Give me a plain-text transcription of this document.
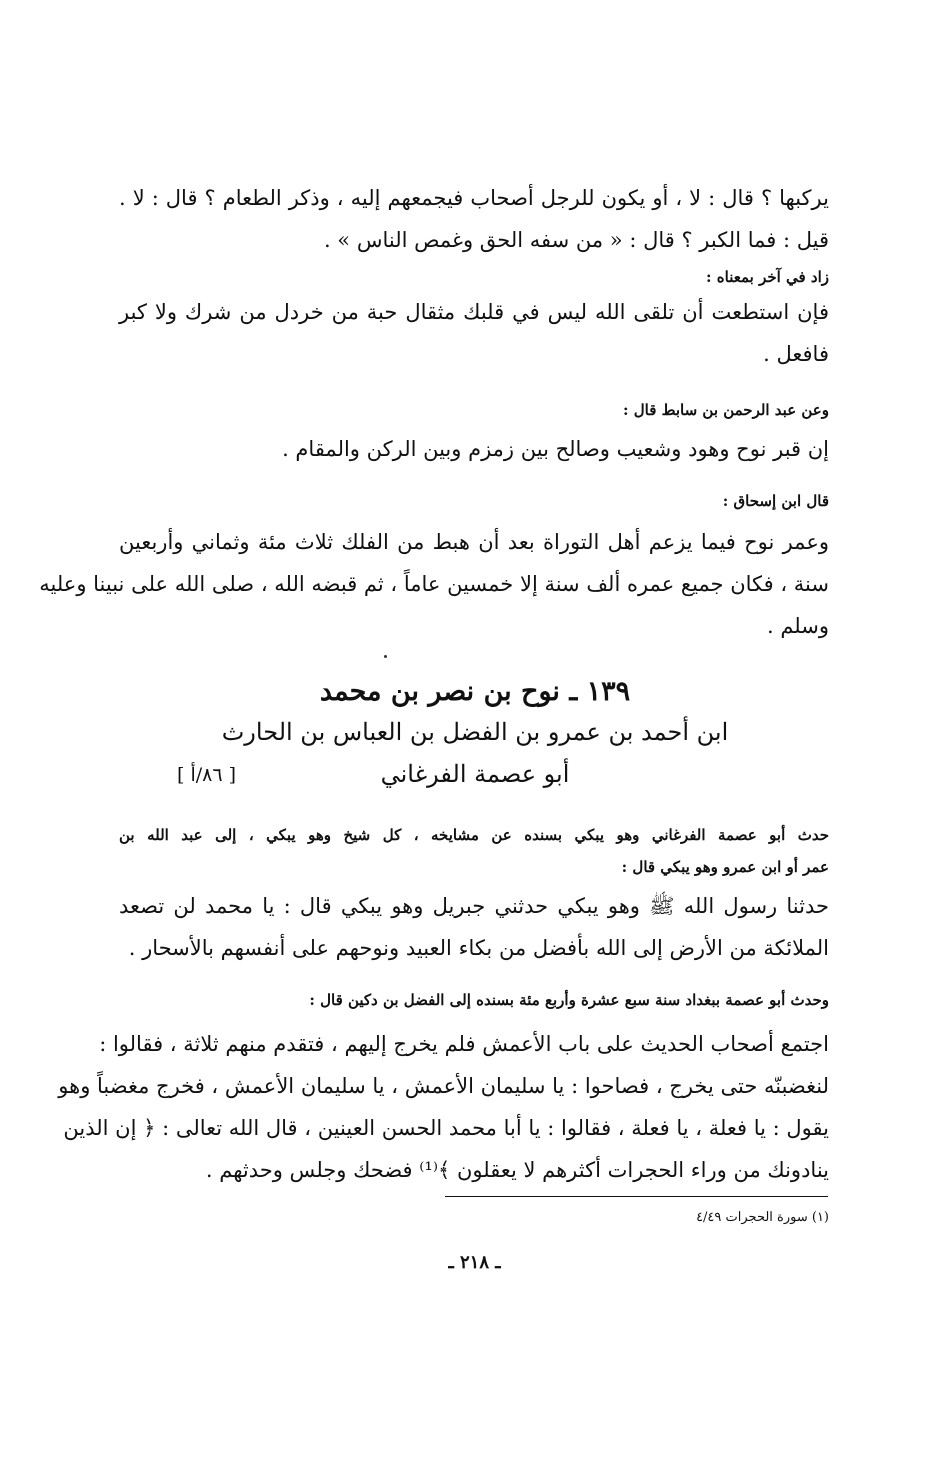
يركبها ؟ قال : لا ، أو يكون للرجل أصحاب فيجمعهم إليه ، وذكر الطعام ؟ قال : لا .
قيل : فما الكبر ؟ قال : « من سفه الحق وغمص الناس » .
زاد في آخر بمعناه :
فإن استطعت أن تلقى الله ليس في قلبك مثقال حبة من خردل من شرك ولا كبر
فافعل .
وعن عبد الرحمن بن سابط قال :
إن قبر نوح وهود وشعيب وصالح بين زمزم وبين الركن والمقام .
قال ابن إسحاق :
وعمر نوح فيما يزعم أهل التوراة بعد أن هبط من الفلك ثلاث مئة وثماني وأربعين
سنة ، فكان جميع عمره ألف سنة إلا خمسين عاماً ، ثم قبضه الله ، صلى الله على نبينا وعليه
وسلم .
١٣٩ ـ نوح بن نصر بن محمد
ابن أحمد بن عمرو بن الفضل بن العباس بن الحارث
أبو عصمة الفرغاني
[ ٨٦/أ ]
حدث أبو عصمة الفرغاني وهو يبكي بسنده عن مشايخه ، كل شيخ وهو يبكي ، إلى عبد الله بن
عمر أو ابن عمرو وهو يبكي قال :
حدثنا رسول الله ﷺ وهو يبكي حدثني جبريل وهو يبكي قال : يا محمد لن تصعد
الملائكة من الأرض إلى الله بأفضل من بكاء العبيد ونوحهم على أنفسهم بالأسحار .
وحدث أبو عصمة ببغداد سنة سبع عشرة وأربع مئة بسنده إلى الفضل بن دكين قال :
اجتمع أصحاب الحديث على باب الأعمش فلم يخرج إليهم ، فتقدم منهم ثلاثة ، فقالوا :
لنغضبنّه حتى يخرج ، فصاحوا : يا سليمان الأعمش ، يا سليمان الأعمش ، فخرج مغضباً وهو
يقول : يا فعلة ، يا فعلة ، فقالوا : يا أبا محمد الحسن العينين ، قال الله تعالى : ﴿ إن الذين
ينادونك من وراء الحجرات أكثرهم لا يعقلون ﴾⁽¹⁾ فضحك وجلس وحدثهم .
(١) سورة الحجرات ٤/٤٩
ـ ٢١٨ ـ
